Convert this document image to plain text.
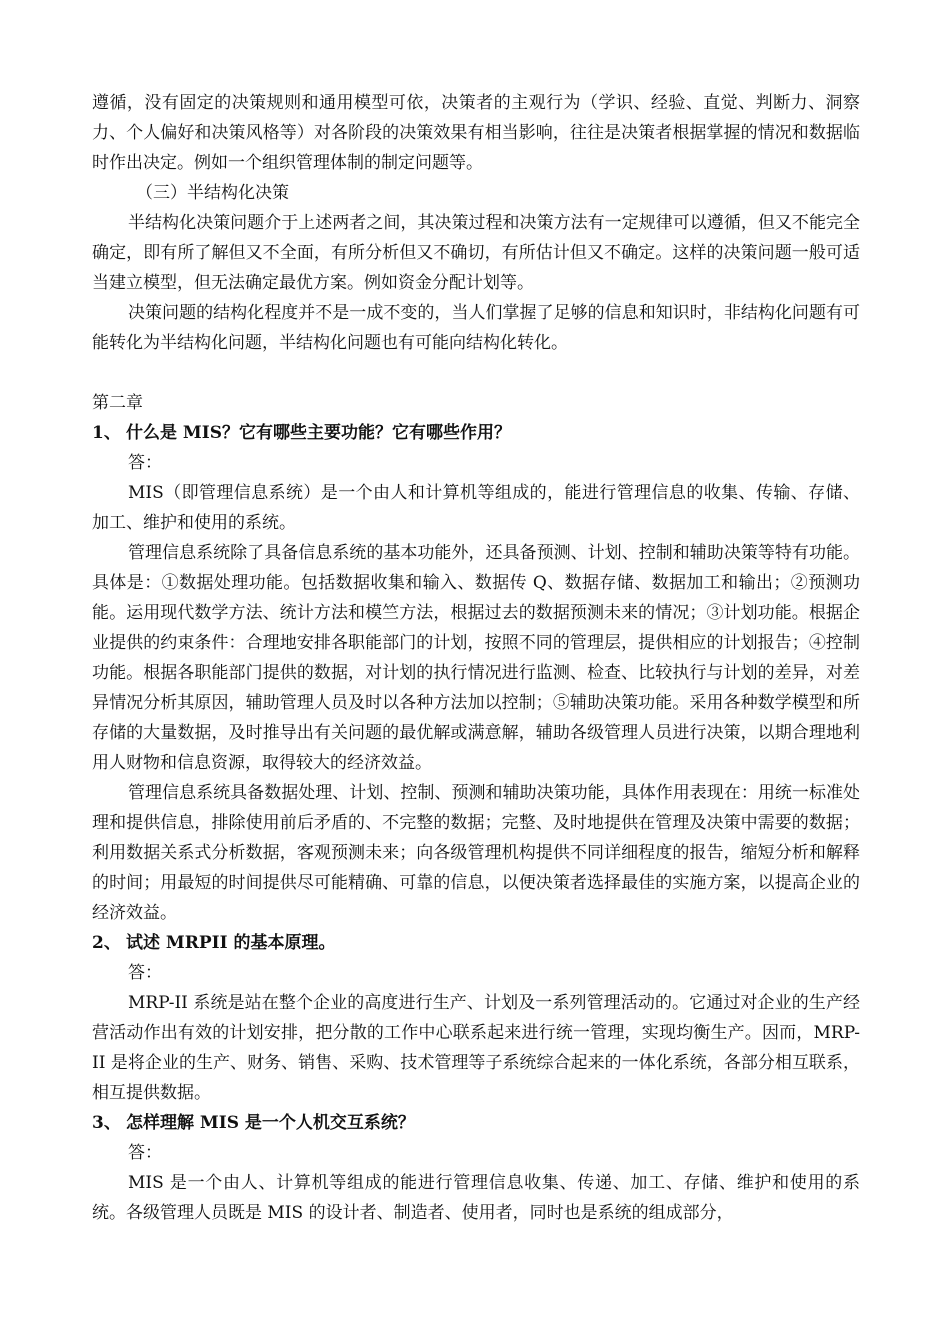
遵循，没有固定的决策规则和通用模型可依，决策者的主观行为（学识、经验、直觉、判断力、洞察力、个人偏好和决策风格等）对各阶段的决策效果有相当影响，往往是决策者根据掌握的情况和数据临时作出决定。例如一个组织管理体制的制定问题等。

（三）半结构化决策

半结构化决策问题介于上述两者之间，其决策过程和决策方法有一定规律可以遵循，但又不能完全确定，即有所了解但又不全面，有所分析但又不确切，有所估计但又不确定。这样的决策问题一般可适当建立模型，但无法确定最优方案。例如资金分配计划等。

决策问题的结构化程度并不是一成不变的，当人们掌握了足够的信息和知识时，非结构化问题有可能转化为半结构化问题，半结构化问题也有可能向结构化转化。

第二章

1、 什么是 MIS？它有哪些主要功能？它有哪些作用？

答：

MIS（即管理信息系统）是一个由人和计算机等组成的，能进行管理信息的收集、传输、存储、加工、维护和使用的系统。

管理信息系统除了具备信息系统的基本功能外，还具备预测、计划、控制和辅助决策等特有功能。具体是：①数据处理功能。包括数据收集和输入、数据传 Q、数据存储、数据加工和输出；②预测功能。运用现代数学方法、统计方法和模竺方法，根据过去的数据预测未来的情况；③计划功能。根据企业提供的约束条件：合理地安排各职能部门的计划，按照不同的管理层，提供相应的计划报告；④控制功能。根据各职能部门提供的数据，对计划的执行情况进行监测、检查、比较执行与计划的差异，对差异情况分析其原因，辅助管理人员及时以各种方法加以控制；⑤辅助决策功能。采用各种数学模型和所存储的大量数据，及时推导出有关问题的最优解或满意解，辅助各级管理人员进行决策，以期合理地利用人财物和信息资源，取得较大的经济效益。

管理信息系统具备数据处理、计划、控制、预测和辅助决策功能，具体作用表现在：用统一标准处理和提供信息，排除使用前后矛盾的、不完整的数据；完整、及时地提供在管理及决策中需要的数据；利用数据关系式分析数据，客观预测未来；向各级管理机构提供不同详细程度的报告，缩短分析和解释的时间；用最短的时间提供尽可能精确、可靠的信息，以便决策者选择最佳的实施方案，以提高企业的经济效益。

2、 试述 MRPII 的基本原理。

答：

MRP-II 系统是站在整个企业的高度进行生产、计划及一系列管理活动的。它通过对企业的生产经营活动作出有效的计划安排，把分散的工作中心联系起来进行统一管理，实现均衡生产。因而，MRP-II 是将企业的生产、财务、销售、采购、技术管理等子系统综合起来的一体化系统，各部分相互联系，相互提供数据。

3、 怎样理解 MIS 是一个人机交互系统？

答：

MIS 是一个由人、计算机等组成的能进行管理信息收集、传递、加工、存储、维护和使用的系统。各级管理人员既是 MIS 的设计者、制造者、使用者，同时也是系统的组成部分，
